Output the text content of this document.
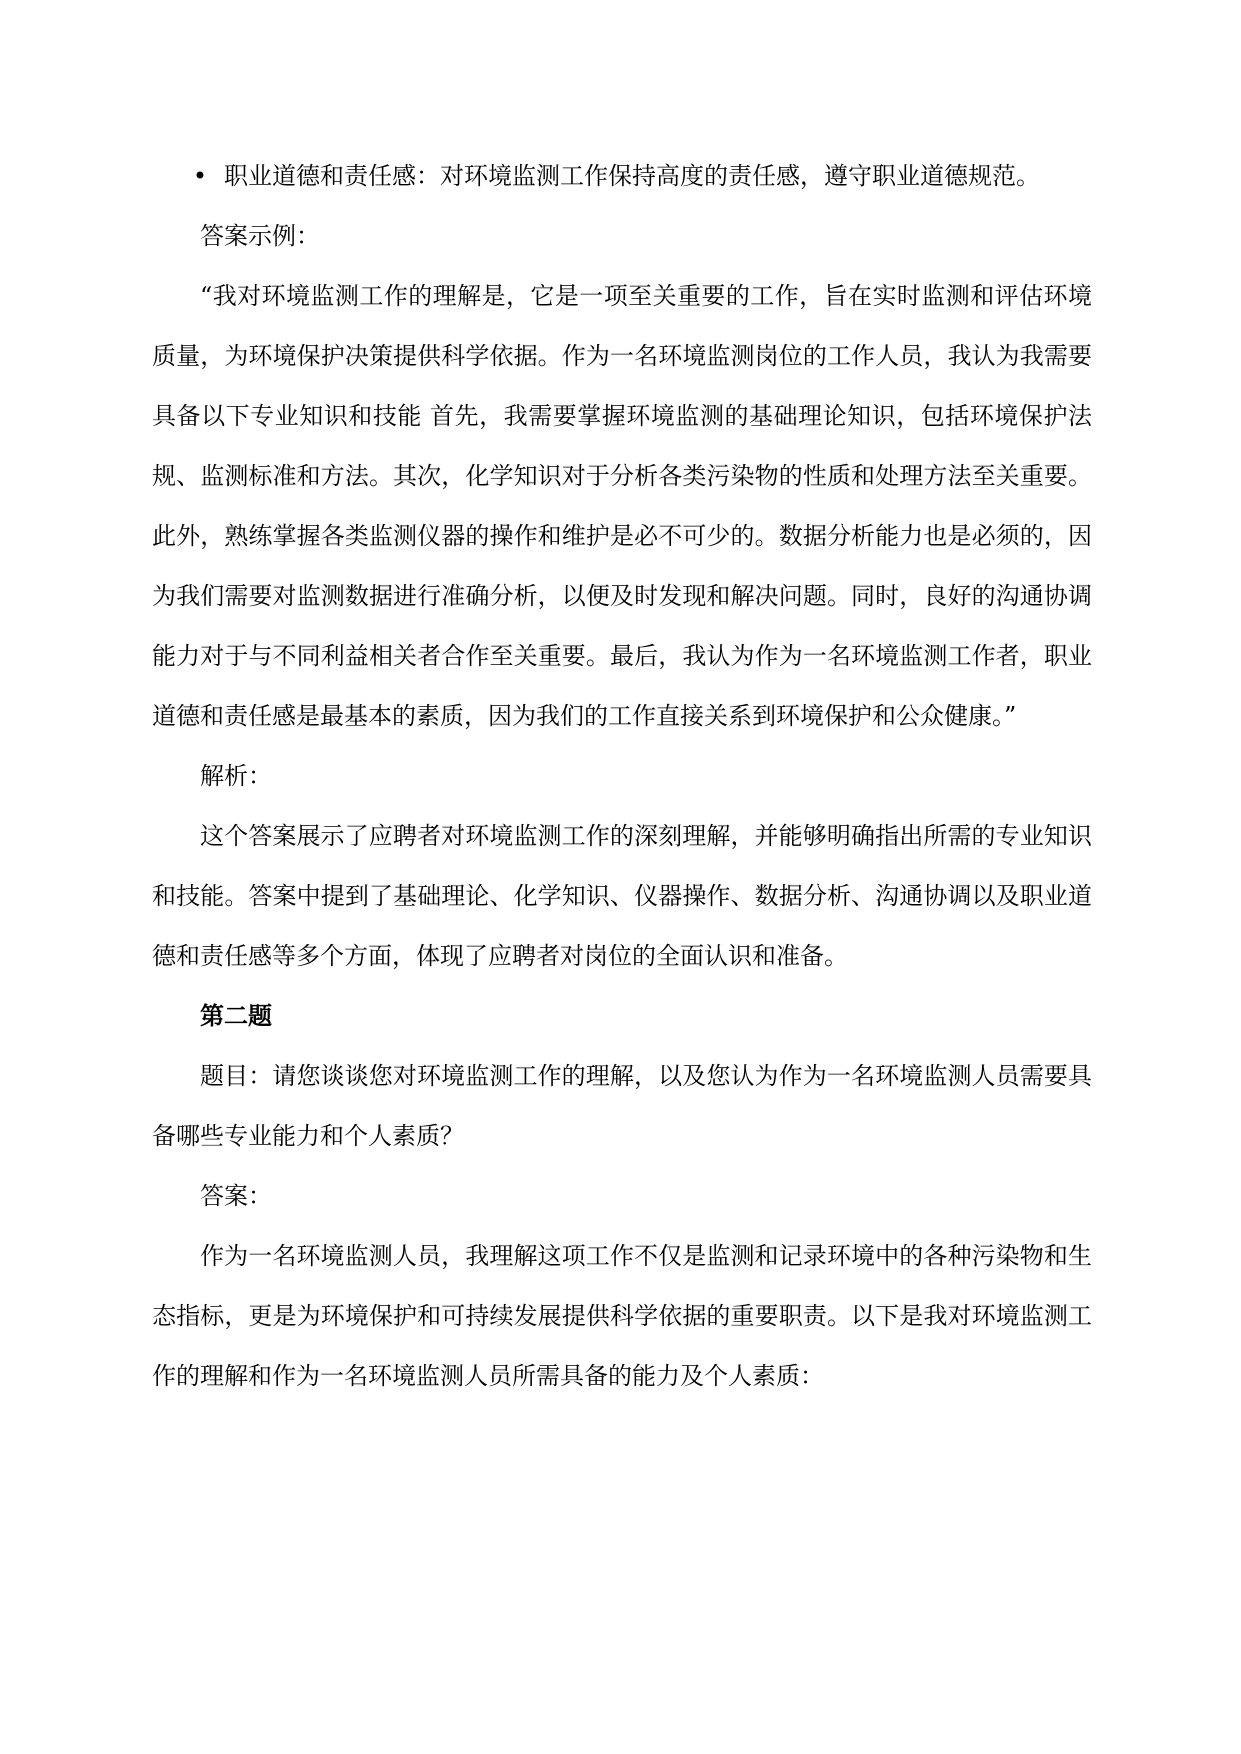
• 职业道德和责任感：对环境监测工作保持高度的责任感，遵守职业道德规范。
答案示例：
“我对环境监测工作的理解是，它是一项至关重要的工作，旨在实时监测和评估环境质量，为环境保护决策提供科学依据。作为一名环境监测岗位的工作人员，我认为我需要具备以下专业知识和技能 首先，我需要掌握环境监测的基础理论知识，包括环境保护法规、监测标准和方法。其次，化学知识对于分析各类污染物的性质和处理方法至关重要。此外，熟练掌握各类监测仪器的操作和维护是必不可少的。数据分析能力也是必须的，因为我们需要对监测数据进行准确分析，以便及时发现和解决问题。同时，良好的沟通协调能力对于与不同利益相关者合作至关重要。最后，我认为作为一名环境监测工作者，职业道德和责任感是最基本的素质，因为我们的工作直接关系到环境保护和公众健康。”
解析：
这个答案展示了应聘者对环境监测工作的深刻理解，并能够明确指出所需的专业知识和技能。答案中提到了基础理论、化学知识、仪器操作、数据分析、沟通协调以及职业道德和责任感等多个方面，体现了应聘者对岗位的全面认识和准备。
第二题
题目：请您谈谈您对环境监测工作的理解，以及您认为作为一名环境监测人员需要具备哪些专业能力和个人素质？
答案：
作为一名环境监测人员，我理解这项工作不仅是监测和记录环境中的各种污染物和生态指标，更是为环境保护和可持续发展提供科学依据的重要职责。以下是我对环境监测工作的理解和作为一名环境监测人员所需具备的能力及个人素质：
